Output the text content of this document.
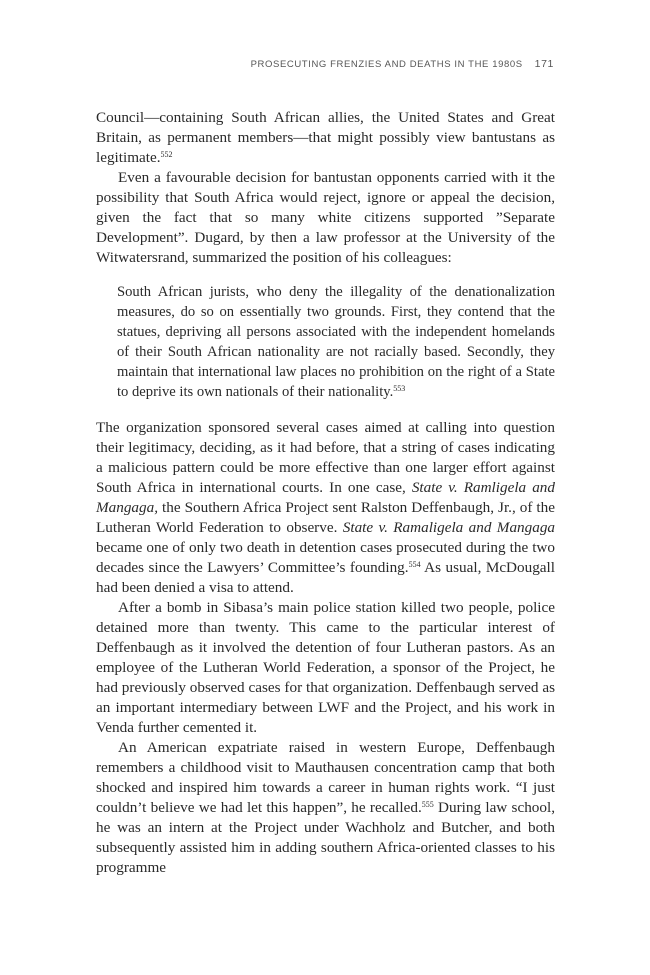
PROSECUTING FRENZIES AND DEATHS IN THE 1980S 171

Council—containing South African allies, the United States and Great Britain, as permanent members—that might possibly view bantustans as legitimate.$^{552}$

Even a favourable decision for bantustan opponents carried with it the possibility that South Africa would reject, ignore or appeal the decision, given the fact that so many white citizens supported ”Separate Development”. Dugard, by then a law professor at the University of the Witwatersrand, summarized the position of his colleagues:

South African jurists, who deny the illegality of the denationalization measures, do so on essentially two grounds. First, they contend that the statues, depriving all persons associated with the independent homelands of their South African nationality are not racially based. Secondly, they maintain that international law places no prohibition on the right of a State to deprive its own nationals of their nationality.$^{553}$

The organization sponsored several cases aimed at calling into question their legitimacy, deciding, as it had before, that a string of cases indicating a malicious pattern could be more effective than one larger effort against South Africa in international courts. In one case, State v. Ramligela and Mangaga, the Southern Africa Project sent Ralston Deffenbaugh, Jr., of the Lutheran World Federation to observe. State v. Ramaligela and Mangaga became one of only two death in detention cases prosecuted during the two decades since the Lawyers’ Committee’s founding.$^{554}$ As usual, McDougall had been denied a visa to attend.

After a bomb in Sibasa’s main police station killed two people, police detained more than twenty. This came to the particular interest of Deffenbaugh as it involved the detention of four Lutheran pastors. As an employee of the Lutheran World Federation, a sponsor of the Project, he had previously observed cases for that organization. Deffenbaugh served as an important intermediary between LWF and the Project, and his work in Venda further cemented it.

An American expatriate raised in western Europe, Deffenbaugh remembers a childhood visit to Mauthausen concentration camp that both shocked and inspired him towards a career in human rights work. “I just couldn’t believe we had let this happen”, he recalled.$^{555}$ During law school, he was an intern at the Project under Wachholz and Butcher, and both subsequently assisted him in adding southern Africa-oriented classes to his programme
